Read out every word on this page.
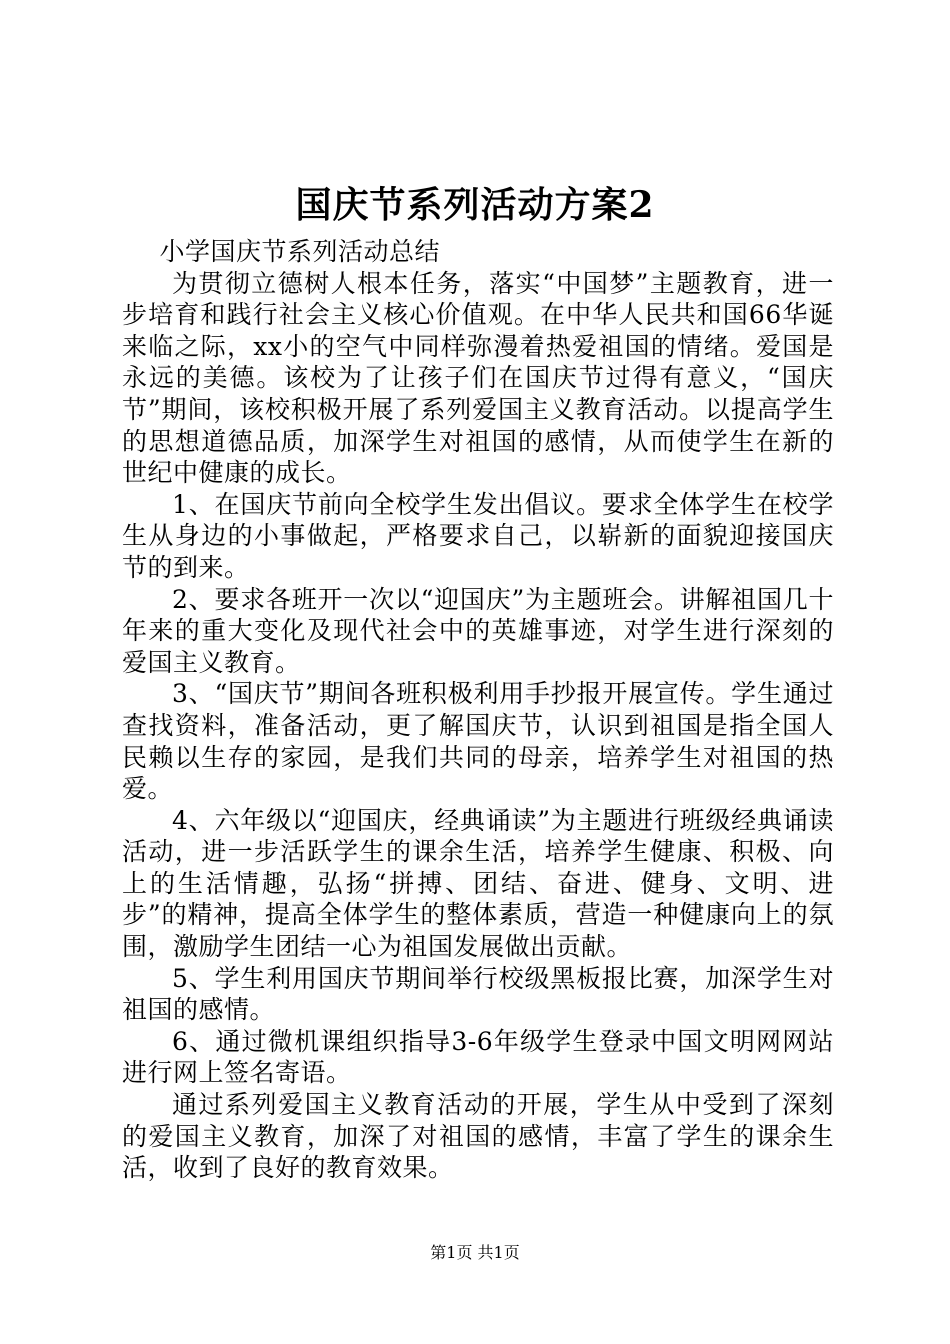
国庆节系列活动方案2

小学国庆节系列活动总结

为贯彻立德树人根本任务，落实“中国梦”主题教育，进一步培育和践行社会主义核心价值观。在中华人民共和国66华诞来临之际，xx小的空气中同样弥漫着热爱祖国的情绪。爱国是永远的美德。该校为了让孩子们在国庆节过得有意义，“国庆节”期间，该校积极开展了系列爱国主义教育活动。以提高学生的思想道德品质，加深学生对祖国的感情，从而使学生在新的世纪中健康的成长。

1、在国庆节前向全校学生发出倡议。要求全体学生在校学生从身边的小事做起，严格要求自己，以崭新的面貌迎接国庆节的到来。

2、要求各班开一次以“迎国庆”为主题班会。讲解祖国几十年来的重大变化及现代社会中的英雄事迹，对学生进行深刻的爱国主义教育。

3、“国庆节”期间各班积极利用手抄报开展宣传。学生通过查找资料，准备活动，更了解国庆节，认识到祖国是指全国人民赖以生存的家园，是我们共同的母亲，培养学生对祖国的热爱。

4、六年级以“迎国庆，经典诵读”为主题进行班级经典诵读活动，进一步活跃学生的课余生活，培养学生健康、积极、向上的生活情趣，弘扬“拼搏、团结、奋进、健身、文明、进步”的精神，提高全体学生的整体素质，营造一种健康向上的氛围，激励学生团结一心为祖国发展做出贡献。

5、学生利用国庆节期间举行校级黑板报比赛，加深学生对祖国的感情。

6、通过微机课组织指导3-6年级学生登录中国文明网网站进行网上签名寄语。

通过系列爱国主义教育活动的开展，学生从中受到了深刻的爱国主义教育，加深了对祖国的感情，丰富了学生的课余生活，收到了良好的教育效果。

第1页 共1页
